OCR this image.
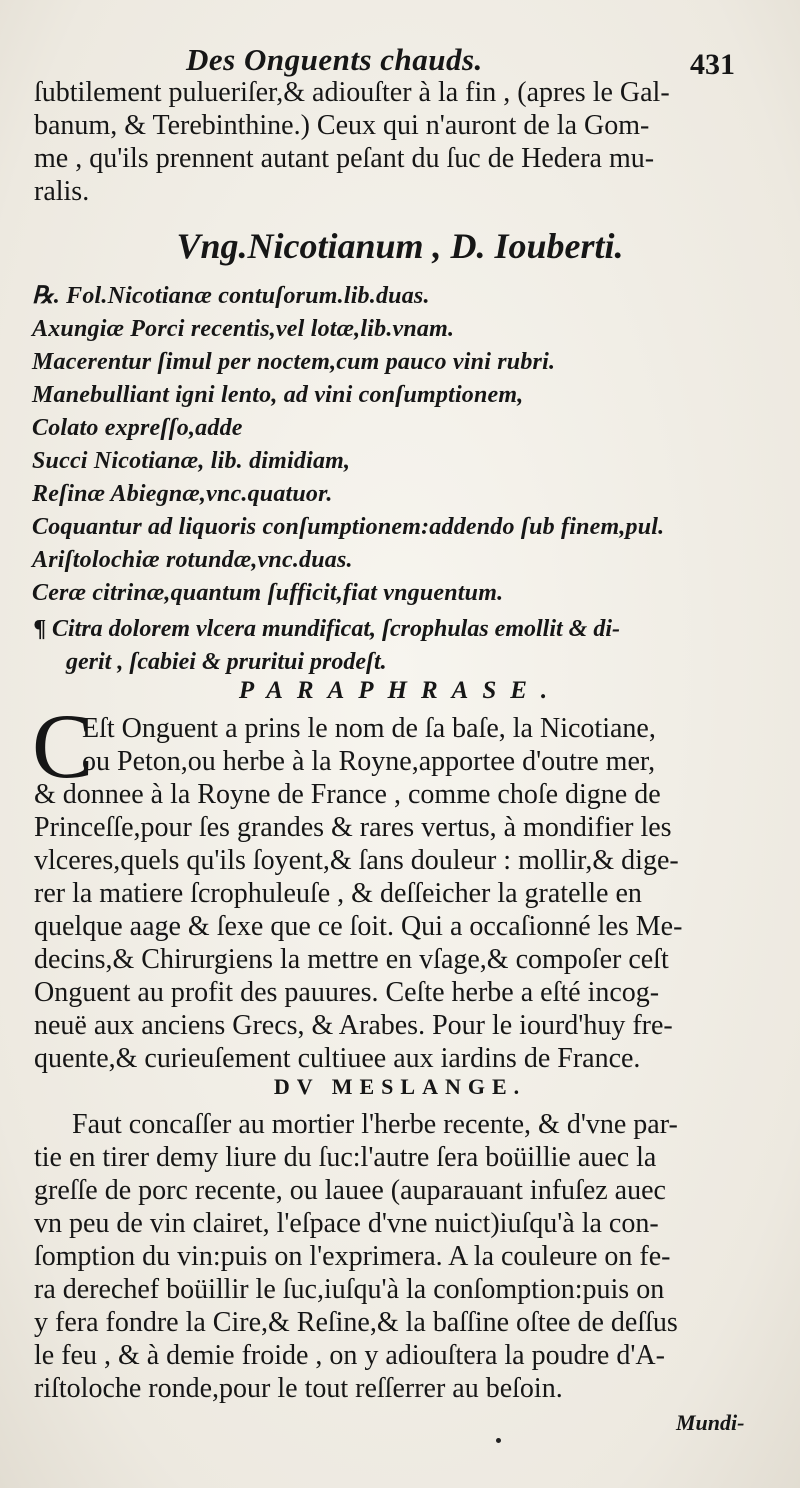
Des Onguents chauds.	431
ſubtilement pulueriſer,& adiouſter à la fin , (apres le Gal-
banum, & Terebinthine.) Ceux qui n'auront de la Gom-
me , qu'ils prennent autant peſant du ſuc de Hedera mu-
ralis.
Vng.Nicotianum , D. Iouberti.
℞. Fol.Nicotianæ contuſorum.lib.duas.
Axungiæ Porci recentis,vel lotæ,lib.vnam.
Macerentur ſimul per noctem,cum pauco vini rubri.
Manebulliant igni lento, ad vini conſumptionem,
Colato expreſſo,adde
Succi Nicotianæ, lib. dimidiam,
Reſinæ Abiegnæ,vnc.quatuor.
Coquantur ad liquoris conſumptionem:addendo ſub finem,pul.
Ariſtolochiæ rotundæ,vnc.duas.
Ceræ citrinæ,quantum ſufficit,fiat vnguentum.
¶ Citra dolorem vlcera mundificat, ſcrophulas emollit & di-
gerit , ſcabiei & pruritui prodeſt.
PARAPHRASE.
C
Eſt Onguent a prins le nom de ſa baſe, la Nicotiane,
ou Peton,ou herbe à la Royne,apportee d'outre mer,
& donnee à la Royne de France , comme choſe digne de
Princeſſe,pour ſes grandes & rares vertus, à mondifier les
vlceres,quels qu'ils ſoyent,& ſans douleur : mollir,& dige-
rer la matiere ſcrophuleuſe , & deſſeicher la gratelle en
quelque aage & ſexe que ce ſoit. Qui a occaſionné les Me-
decins,& Chirurgiens la mettre en vſage,& compoſer ceſt
Onguent au profit des pauures. Ceſte herbe a eſté incog-
neuë aux anciens Grecs, & Arabes. Pour le iourd'huy fre-
quente,& curieuſement cultiuee aux iardins de France.
DV MESLANGE.
Faut concaſſer au mortier l'herbe recente, & d'vne par-
tie en tirer demy liure du ſuc:l'autre ſera boüillie auec la
greſſe de porc recente, ou lauee (auparauant infuſez auec
vn peu de vin clairet, l'eſpace d'vne nuict)iuſqu'à la con-
ſomption du vin:puis on l'exprimera. A la couleure on fe-
ra derechef boüillir le ſuc,iuſqu'à la conſomption:puis on
y fera fondre la Cire,& Reſine,& la baſſine oſtee de deſſus
le feu , & à demie froide , on y adiouſtera la poudre d'A-
riſtoloche ronde,pour le tout reſſerrer au beſoin.
Mundi-
